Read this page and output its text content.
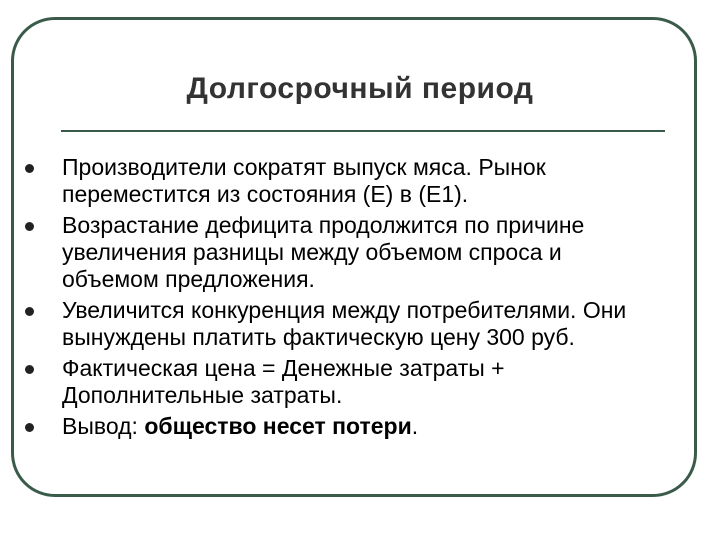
Долгосрочный период
Производители сократят выпуск мяса. Рынок переместится из состояния (Е) в (Е1).
Возрастание дефицита продолжится по причине увеличения разницы между объемом спроса и объемом предложения.
Увеличится конкуренция между потребителями. Они вынуждены платить фактическую цену 300 руб.
Фактическая цена = Денежные затраты + Дополнительные затраты.
Вывод: общество несет потери.
